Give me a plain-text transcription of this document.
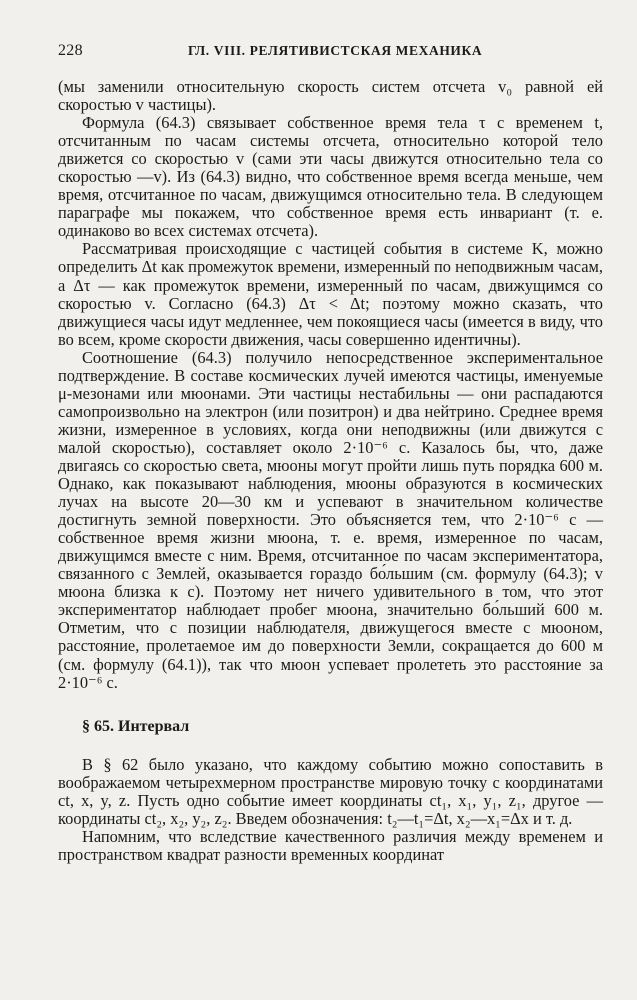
228	ГЛ. VIII. РЕЛЯТИВИСТСКАЯ МЕХАНИКА

(мы заменили относительную скорость систем отсчета v₀ равной ей скоростью v частицы).

Формула (64.3) связывает собственное время тела τ с временем t, отсчитанным по часам системы отсчета, относительно которой тело движется со скоростью v (сами эти часы движутся относительно тела со скоростью —v). Из (64.3) видно, что собственное время всегда меньше, чем время, отсчитанное по часам, движущимся относительно тела. В следующем параграфе мы покажем, что собственное время есть инвариант (т. е. одинаково во всех системах отсчета).

Рассматривая происходящие с частицей события в системе K, можно определить Δt как промежуток времени, измеренный по неподвижным часам, а Δτ — как промежуток времени, измеренный по часам, движущимся со скоростью v. Согласно (64.3) Δτ < Δt; поэтому можно сказать, что движущиеся часы идут медленнее, чем покоящиеся часы (имеется в виду, что во всем, кроме скорости движения, часы совершенно идентичны).

Соотношение (64.3) получило непосредственное экспериментальное подтверждение. В составе космических лучей имеются частицы, именуемые μ-мезонами или мюонами. Эти частицы нестабильны — они распадаются самопроизвольно на электрон (или позитрон) и два нейтрино. Среднее время жизни, измеренное в условиях, когда они неподвижны (или движутся с малой скоростью), составляет около 2·10⁻⁶ с. Казалось бы, что, даже двигаясь со скоростью света, мюоны могут пройти лишь путь порядка 600 м. Однако, как показывают наблюдения, мюоны образуются в космических лучах на высоте 20—30 км и успевают в значительном количестве достигнуть земной поверхности. Это объясняется тем, что 2·10⁻⁶ с — собственное время жизни мюона, т. е. время, измеренное по часам, движущимся вместе с ним. Время, отсчитанное по часам экспериментатора, связанного с Землей, оказывается гораздо бо́льшим (см. формулу (64.3); v мюона близка к c). Поэтому нет ничего удивительного в том, что этот экспериментатор наблюдает пробег мюона, значительно бо́льший 600 м. Отметим, что с позиции наблюдателя, движущегося вместе с мюоном, расстояние, пролетаемое им до поверхности Земли, сокращается до 600 м (см. формулу (64.1)), так что мюон успевает пролететь это расстояние за 2·10⁻⁶ с.

§ 65. Интервал

В § 62 было указано, что каждому событию можно сопоставить в воображаемом четырехмерном пространстве мировую точку с координатами ct, x, y, z. Пусть одно событие имеет координаты ct₁, x₁, y₁, z₁, другое — координаты ct₂, x₂, y₂, z₂. Введем обозначения: t₂—t₁=Δt, x₂—x₁=Δx и т. д.

Напомним, что вследствие качественного различия между временем и пространством квадрат разности временных координат
